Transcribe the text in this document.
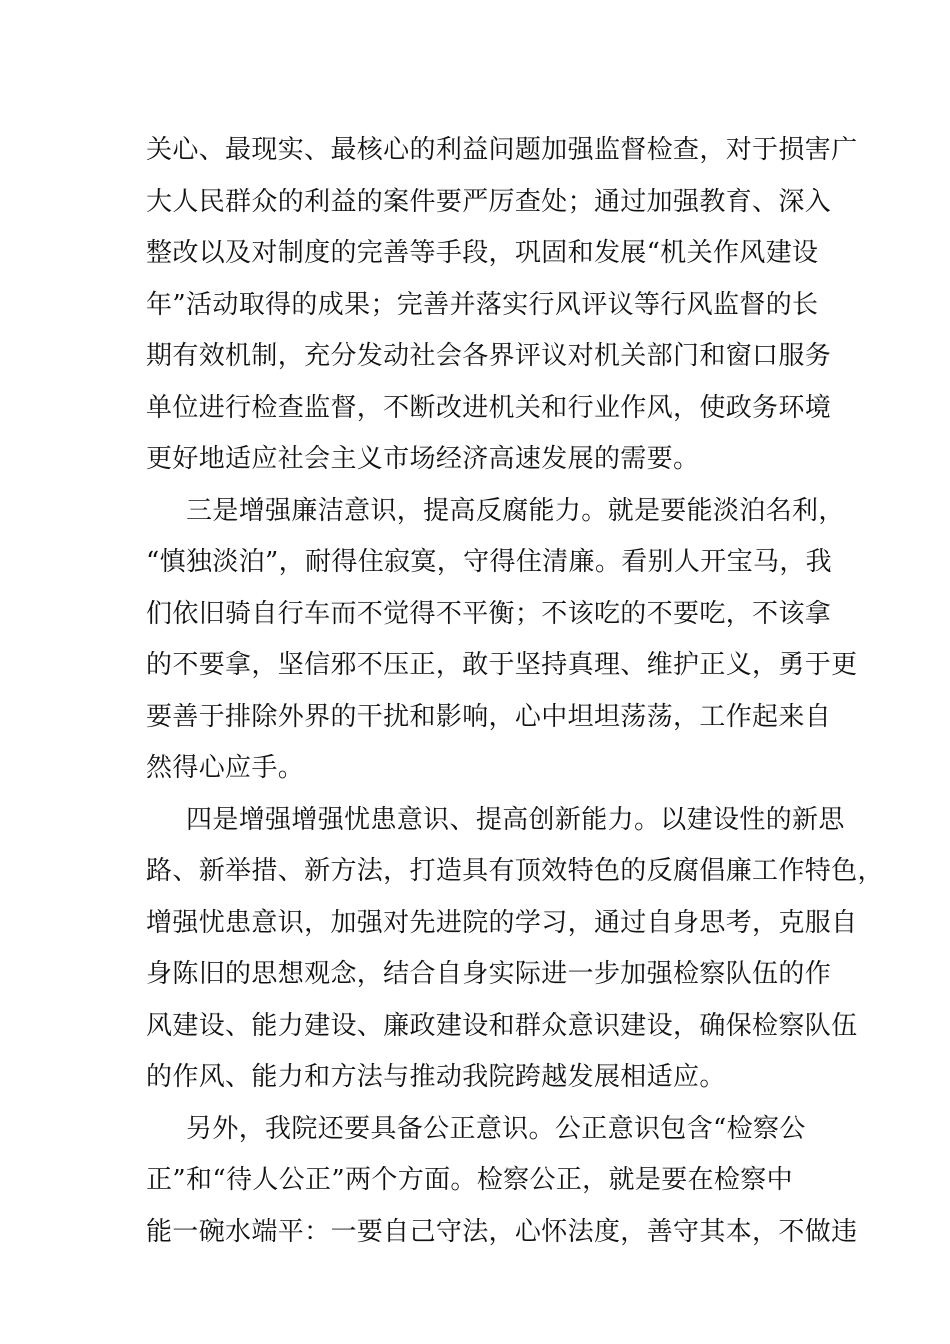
关心、最现实、最核心的利益问题加强监督检查，对于损害广
大人民群众的利益的案件要严厉查处；通过加强教育、深入
整改以及对制度的完善等手段，巩固和发展“机关作风建设
年”活动取得的成果；完善并落实行风评议等行风监督的长
期有效机制，充分发动社会各界评议对机关部门和窗口服务
单位进行检查监督，不断改进机关和行业作风，使政务环境
更好地适应社会主义市场经济高速发展的需要。
三是增强廉洁意识，提高反腐能力。就是要能淡泊名利，
“慎独淡泊”，耐得住寂寞，守得住清廉。看别人开宝马，我
们依旧骑自行车而不觉得不平衡；不该吃的不要吃，不该拿
的不要拿，坚信邪不压正，敢于坚持真理、维护正义，勇于更
要善于排除外界的干扰和影响，心中坦坦荡荡，工作起来自
然得心应手。
四是增强增强忧患意识、提高创新能力。以建设性的新思
路、新举措、新方法，打造具有顶效特色的反腐倡廉工作特色，
增强忧患意识，加强对先进院的学习，通过自身思考，克服自
身陈旧的思想观念，结合自身实际进一步加强检察队伍的作
风建设、能力建设、廉政建设和群众意识建设，确保检察队伍
的作风、能力和方法与推动我院跨越发展相适应。
另外，我院还要具备公正意识。公正意识包含“检察公
正”和“待人公正”两个方面。检察公正，就是要在检察中
能一碗水端平：一要自己守法，心怀法度，善守其本，不做违
